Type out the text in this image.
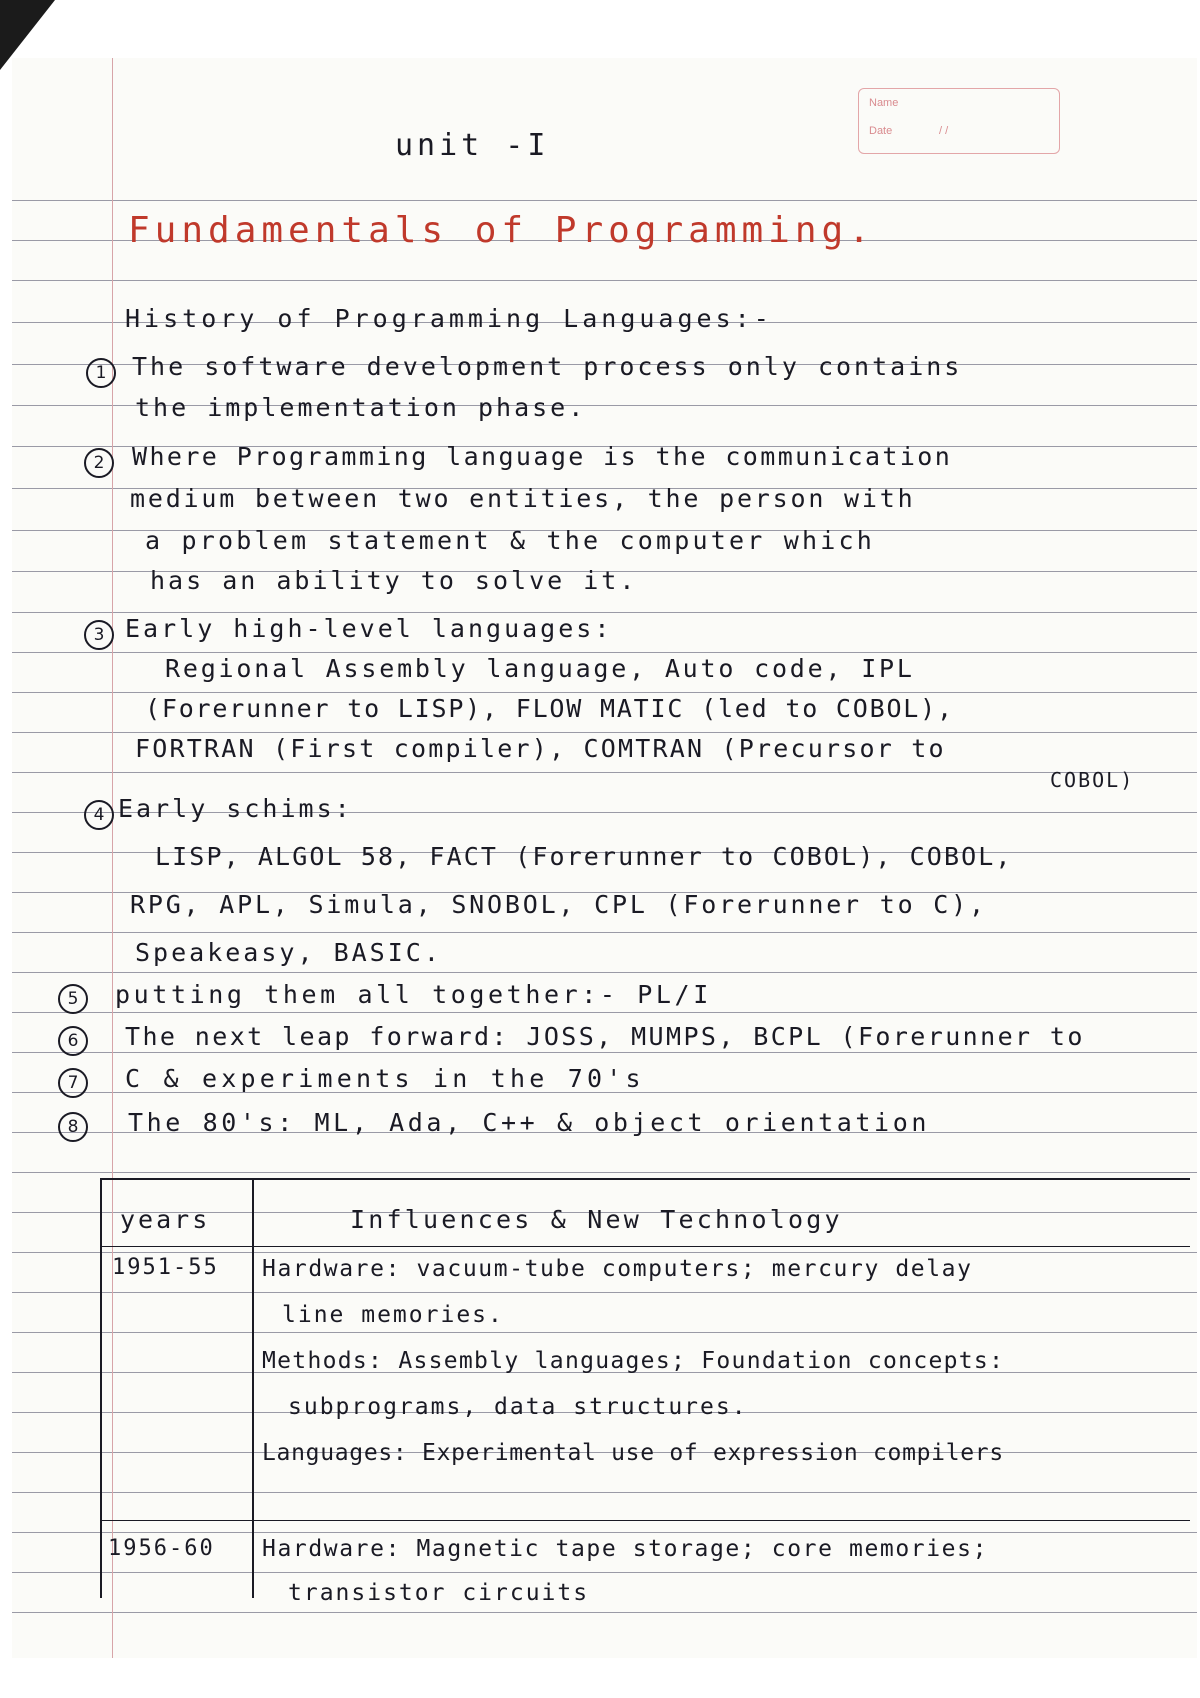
Name
Date	/ /
unit -I
Fundamentals of Programming.
History of Programming Languages:-
1	The software development process only contains
the implementation phase.
2	Where Programming language is the communication
medium between two entities, the person with
a problem statement & the computer which
has an ability to solve it.
3 Early high-level languages:
Regional Assembly language, Auto code, IPL
(Forerunner to LISP), FLOW MATIC (led to COBOL),
FORTRAN (First compiler), COMTRAN (Precursor to
COBOL)
4 Early schims:
LISP, ALGOL 58, FACT (Forerunner to COBOL), COBOL,
RPG, APL, Simula, SNOBOL, CPL (Forerunner to C),
Speakeasy, BASIC.
5	putting them all together:- PL/I
6	The next leap forward: JOSS, MUMPS, BCPL (Forerunner to
7	C & experiments in the 70's
8	The 80's: ML, Ada, C++ & object orientation
years	Influences & New Technology
1951-55 Hardware: vacuum-tube computers; mercury delay
line memories.
Methods: Assembly languages; Foundation concepts:
subprograms, data structures.
Languages: Experimental use of expression compilers
1956-60 Hardware: Magnetic tape storage; core memories;
transistor circuits
